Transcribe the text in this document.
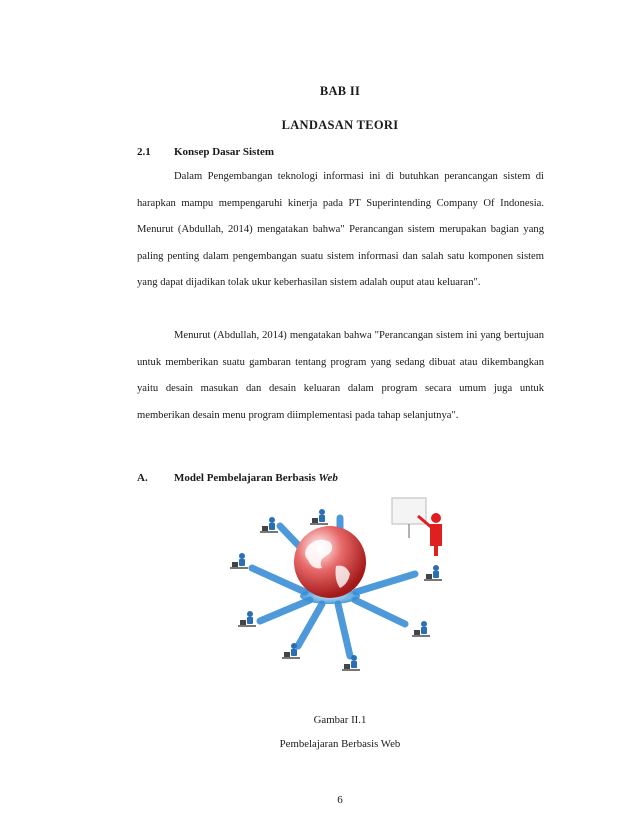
BAB II
LANDASAN TEORI
2.1 Konsep Dasar Sistem

Dalam Pengembangan teknologi informasi ini di butuhkan perancangan sistem di harapkan mampu mempengaruhi kinerja pada PT Superintending Company Of Indonesia. Menurut (Abdullah, 2014) mengatakan bahwa" Perancangan sistem merupakan bagian yang paling penting dalam pengembangan suatu sistem informasi dan salah satu komponen sistem yang dapat dijadikan tolak ukur keberhasilan sistem adalah ouput atau keluaran".

Menurut (Abdullah, 2014) mengatakan bahwa "Perancangan sistem ini yang bertujuan untuk memberikan suatu gambaran tentang program yang sedang dibuat atau dikembangkan yaitu desain masukan dan desain keluaran dalam program secara umum juga untuk memberikan desain menu program diimplementasi pada tahap selanjutnya".

A. Model Pembelajaran Berbasis Web
Gambar II.1
Pembelajaran Berbasis Web
6
